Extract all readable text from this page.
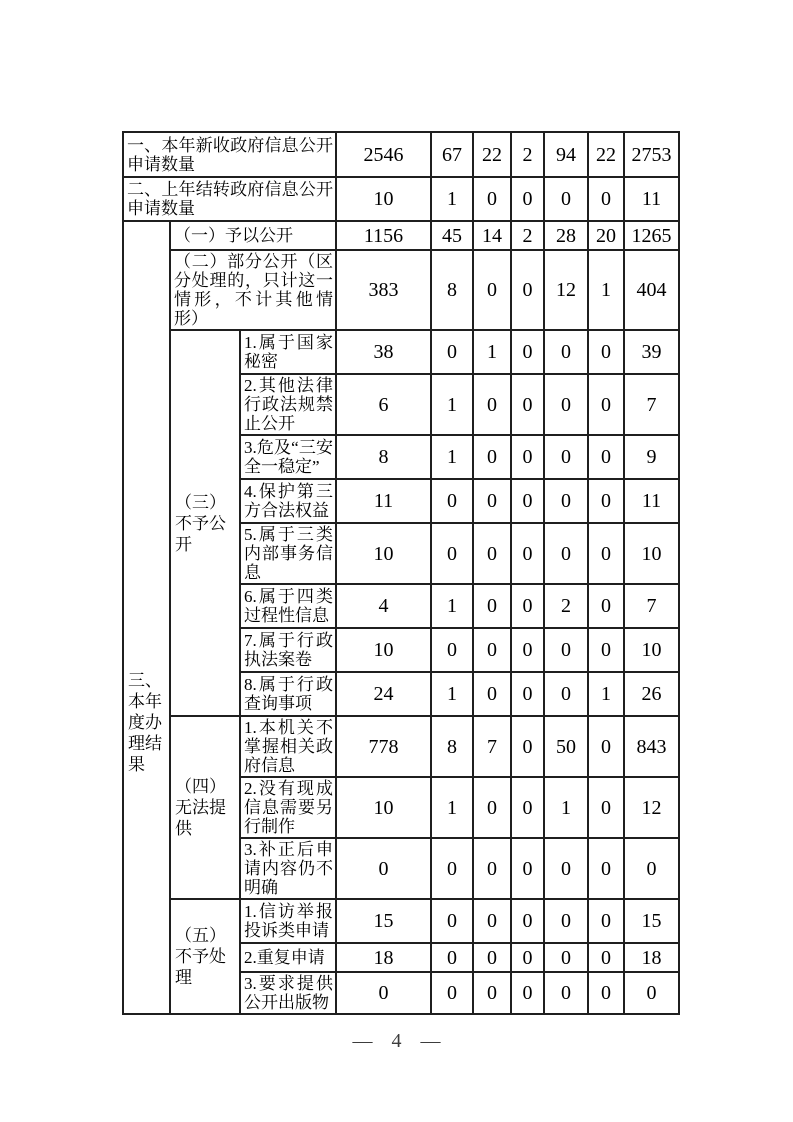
一、本年新收政府信息公开申请数量			2546	67	22	2	94	22	2753
二、上年结转政府信息公开申请数量			10	1	0	0	0	0	11
三、本年度办理结果	（一）予以公开		1156	45	14	2	28	20	1265
	（二）部分公开（区分处理的，只计这一情形，不计其他情形）		383	8	0	0	12	1	404
	（三）不予公开	1.属于国家秘密	38	0	1	0	0	0	39
		2.其他法律行政法规禁止公开	6	1	0	0	0	0	7
		3.危及“三安全一稳定”	8	1	0	0	0	0	9
		4.保护第三方合法权益	11	0	0	0	0	0	11
		5.属于三类内部事务信息	10	0	0	0	0	0	10
		6.属于四类过程性信息	4	1	0	0	2	0	7
		7.属于行政执法案卷	10	0	0	0	0	0	10
		8.属于行政查询事项	24	1	0	0	0	1	26
	（四）无法提供	1.本机关不掌握相关政府信息	778	8	7	0	50	0	843
		2.没有现成信息需要另行制作	10	1	0	0	1	0	12
		3.补正后申请内容仍不明确	0	0	0	0	0	0	0
	（五）不予处理	1.信访举报投诉类申请	15	0	0	0	0	0	15
		2.重复申请	18	0	0	0	0	0	18
		3.要求提供公开出版物	0	0	0	0	0	0	0
— 4 —
